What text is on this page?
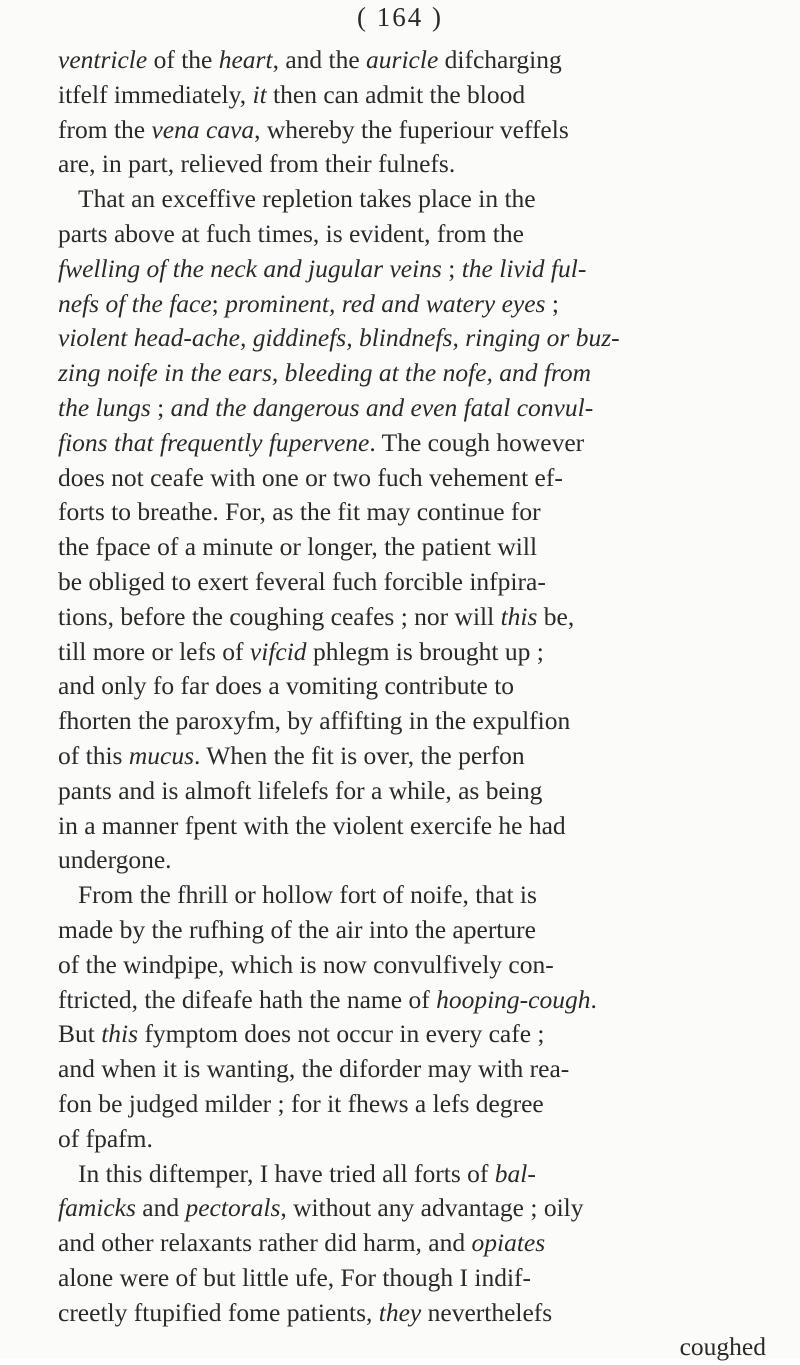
( 164 )
ventricle of the heart, and the auricle difcharging
itfelf immediately, it then can admit the blood
from the vena cava, whereby the fuperiour veffels
are, in part, relieved from their fulnefs.
That an exceffive repletion takes place in the
parts above at fuch times, is evident, from the
fwelling of the neck and jugular veins ; the livid ful-
nefs of the face; prominent, red and watery eyes ;
violent head-ache, giddinefs, blindnefs, ringing or buz-
zing noife in the ears, bleeding at the nofe, and from
the lungs ; and the dangerous and even fatal convul-
fions that frequently fupervene. The cough however
does not ceafe with one or two fuch vehement ef-
forts to breathe. For, as the fit may continue for
the fpace of a minute or longer, the patient will
be obliged to exert feveral fuch forcible infpira-
tions, before the coughing ceafes ; nor will this be,
till more or lefs of vifcid phlegm is brought up ;
and only fo far does a vomiting contribute to
fhorten the paroxyfm, by affifting in the expulfion
of this mucus. When the fit is over, the perfon
pants and is almoft lifelefs for a while, as being
in a manner fpent with the violent exercife he had
undergone.
From the fhrill or hollow fort of noife, that is
made by the rufhing of the air into the aperture
of the windpipe, which is now convulfively con-
ftricted, the difeafe hath the name of hooping-cough.
But this fymptom does not occur in every cafe ;
and when it is wanting, the diforder may with rea-
fon be judged milder ; for it fhews a lefs degree
of fpafm.
In this diftemper, I have tried all forts of bal-
famicks and pectorals, without any advantage ; oily
and other relaxants rather did harm, and opiates
alone were of but little ufe, For though I indif-
creetly ftupified fome patients, they neverthelefs
coughed
